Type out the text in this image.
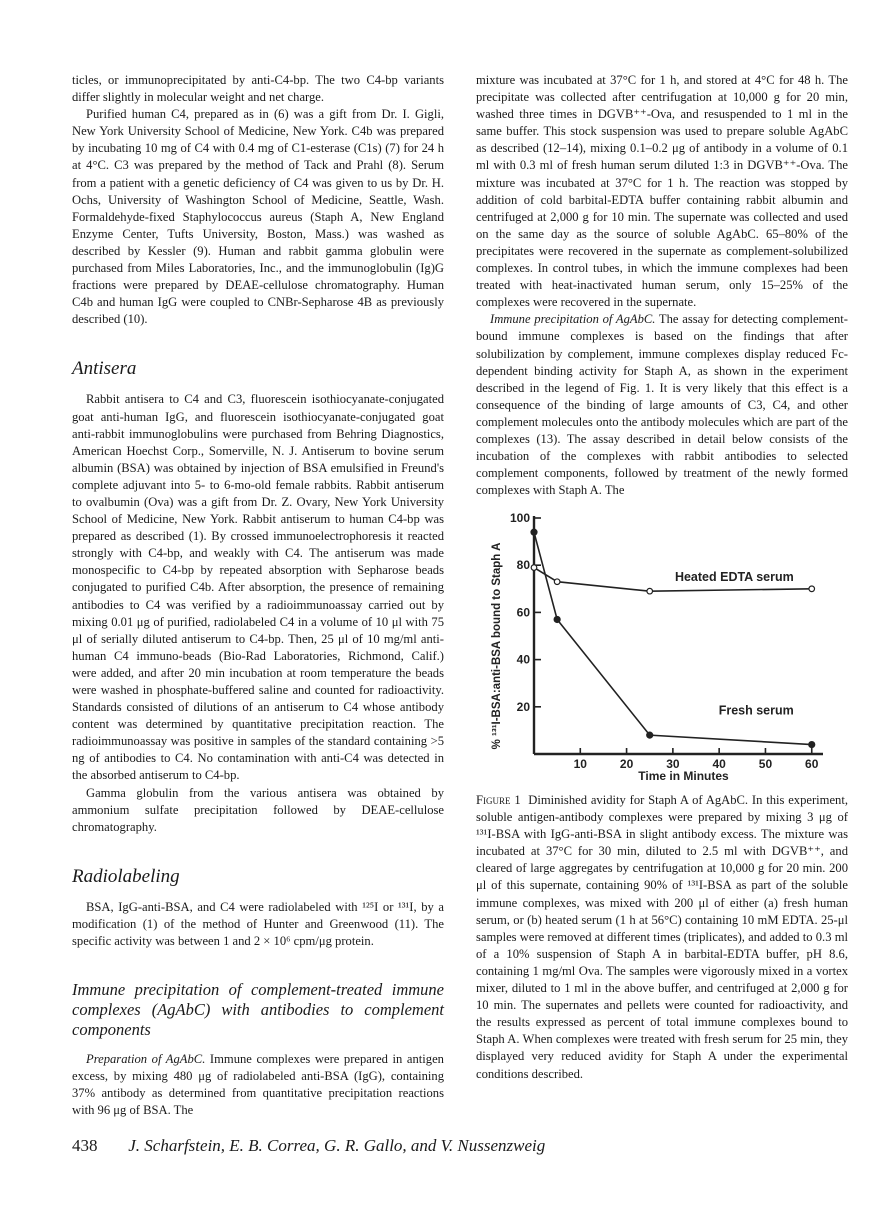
ticles, or immunoprecipitated by anti-C4-bp. The two C4-bp variants differ slightly in molecular weight and net charge.

Purified human C4, prepared as in (6) was a gift from Dr. I. Gigli, New York University School of Medicine, New York. C4b was prepared by incubating 10 mg of C4 with 0.4 mg of C1-esterase (C1s) (7) for 24 h at 4°C. C3 was prepared by the method of Tack and Prahl (8). Serum from a patient with a genetic deficiency of C4 was given to us by Dr. H. Ochs, University of Washington School of Medicine, Seattle, Wash. Formaldehyde-fixed Staphylococcus aureus (Staph A, New England Enzyme Center, Tufts University, Boston, Mass.) was washed as described by Kessler (9). Human and rabbit gamma globulin were purchased from Miles Laboratories, Inc., and the immunoglobulin (Ig)G fractions were prepared by DEAE-cellulose chromatography. Human C4b and human IgG were coupled to CNBr-Sepharose 4B as previously described (10).

Antisera

Rabbit antisera to C4 and C3, fluorescein isothiocyanate-conjugated goat anti-human IgG, and fluorescein isothiocyanate-conjugated goat anti-rabbit immunoglobulins were purchased from Behring Diagnostics, American Hoechst Corp., Somerville, N. J. Antiserum to bovine serum albumin (BSA) was obtained by injection of BSA emulsified in Freund's complete adjuvant into 5- to 6-mo-old female rabbits. Rabbit antiserum to ovalbumin (Ova) was a gift from Dr. Z. Ovary, New York University School of Medicine, New York. Rabbit antiserum to human C4-bp was prepared as described (1). By crossed immunoelectrophoresis it reacted strongly with C4-bp, and weakly with C4. The antiserum was made monospecific to C4-bp by repeated absorption with Sepharose beads conjugated to purified C4b. After absorption, the presence of remaining antibodies to C4 was verified by a radioimmunoassay carried out by mixing 0.01 μg of purified, radiolabeled C4 in a volume of 10 μl with 75 μl of serially diluted antiserum to C4-bp. Then, 25 μl of 10 mg/ml anti-human C4 immuno-beads (Bio-Rad Laboratories, Richmond, Calif.) were added, and after 20 min incubation at room temperature the beads were washed in phosphate-buffered saline and counted for radioactivity. Standards consisted of dilutions of an antiserum to C4 whose antibody content was determined by quantitative precipitation reaction. The radioimmunoassay was positive in samples of the standard containing >5 ng of antibodies to C4. No contamination with anti-C4 was detected in the absorbed antiserum to C4-bp.

Gamma globulin from the various antisera was obtained by ammonium sulfate precipitation followed by DEAE-cellulose chromatography.

Radiolabeling

BSA, IgG-anti-BSA, and C4 were radiolabeled with ¹²⁵I or ¹³¹I, by a modification (1) of the method of Hunter and Greenwood (11). The specific activity was between 1 and 2 × 10⁶ cpm/μg protein.

Immune precipitation of complement-treated immune complexes (AgAbC) with antibodies to complement components

Preparation of AgAbC. Immune complexes were prepared in antigen excess, by mixing 480 μg of radiolabeled anti-BSA (IgG), containing 37% antibody as determined from quantitative precipitation reactions with 96 μg of BSA. The

mixture was incubated at 37°C for 1 h, and stored at 4°C for 48 h. The precipitate was collected after centrifugation at 10,000 g for 20 min, washed three times in DGVB⁺⁺-Ova, and resuspended to 1 ml in the same buffer. This stock suspension was used to prepare soluble AgAbC as described (12–14), mixing 0.1–0.2 μg of antibody in a volume of 0.1 ml with 0.3 ml of fresh human serum diluted 1:3 in DGVB⁺⁺-Ova. The mixture was incubated at 37°C for 1 h. The reaction was stopped by addition of cold barbital-EDTA buffer containing rabbit albumin and centrifuged at 2,000 g for 10 min. The supernate was collected and used on the same day as the source of soluble AgAbC. 65–80% of the precipitates were recovered in the supernate as complement-solubilized complexes. In control tubes, in which the immune complexes had been treated with heat-inactivated human serum, only 15–25% of the complexes were recovered in the supernate.

Immune precipitation of AgAbC. The assay for detecting complement-bound immune complexes is based on the findings that after solubilization by complement, immune complexes display reduced Fc-dependent binding activity for Staph A, as shown in the experiment described in the legend of Fig. 1. It is very likely that this effect is a consequence of the binding of large amounts of C3, C4, and other complement molecules onto the antibody molecules which are part of the complexes (13). The assay described in detail below consists of the incubation of the complexes with rabbit antibodies to selected complement components, followed by treatment of the newly formed complexes with Staph A. The

20
40
60
80
100
10	20	30	40	50	60
Time in Minutes
% ¹³¹I-BSA:anti-BSA bound to Staph A	Heated EDTA serum
Fresh serum
Figure 1 Diminished avidity for Staph A of AgAbC. In this experiment, soluble antigen-antibody complexes were prepared by mixing 3 μg of ¹³¹I-BSA with IgG-anti-BSA in slight antibody excess. The mixture was incubated at 37°C for 30 min, diluted to 2.5 ml with DGVB⁺⁺, and cleared of large aggregates by centrifugation at 10,000 g for 20 min. 200 μl of this supernate, containing 90% of ¹³¹I-BSA as part of the soluble immune complexes, was mixed with 200 μl of either (a) fresh human serum, or (b) heated serum (1 h at 56°C) containing 10 mM EDTA. 25-μl samples were removed at different times (triplicates), and added to 0.3 ml of a 10% suspension of Staph A in barbital-EDTA buffer, pH 8.6, containing 1 mg/ml Ova. The samples were vigorously mixed in a vortex mixer, diluted to 1 ml in the above buffer, and centrifuged at 2,000 g for 10 min. The supernates and pellets were counted for radioactivity, and the results expressed as percent of total immune complexes bound to Staph A. When complexes were treated with fresh serum for 25 min, they displayed very reduced avidity for Staph A under the experimental conditions described.
438 J. Scharfstein, E. B. Correa, G. R. Gallo, and V. Nussenzweig
